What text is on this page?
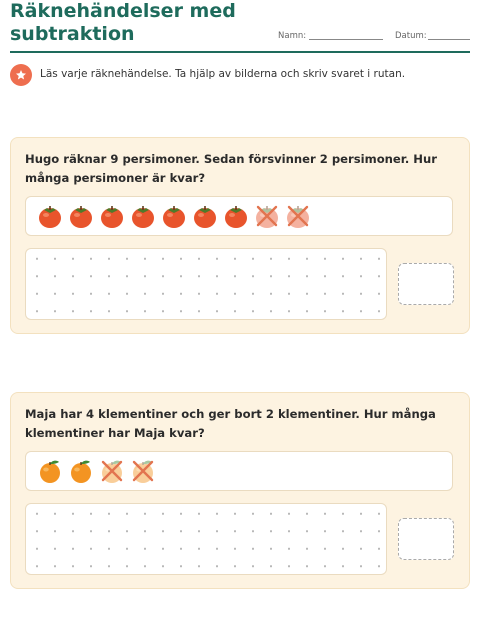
Räknehändelser med
subtraktion	Namn:	Datum:
Läs varje räknehändelse. Ta hjälp av bilderna och skriv svaret i rutan.

Hugo räknar 9 persimoner. Sedan försvinner 2 persimoner. Hur många persimoner är kvar?

Maja har 4 klementiner och ger bort 2 klementiner. Hur många klementiner har Maja kvar?
